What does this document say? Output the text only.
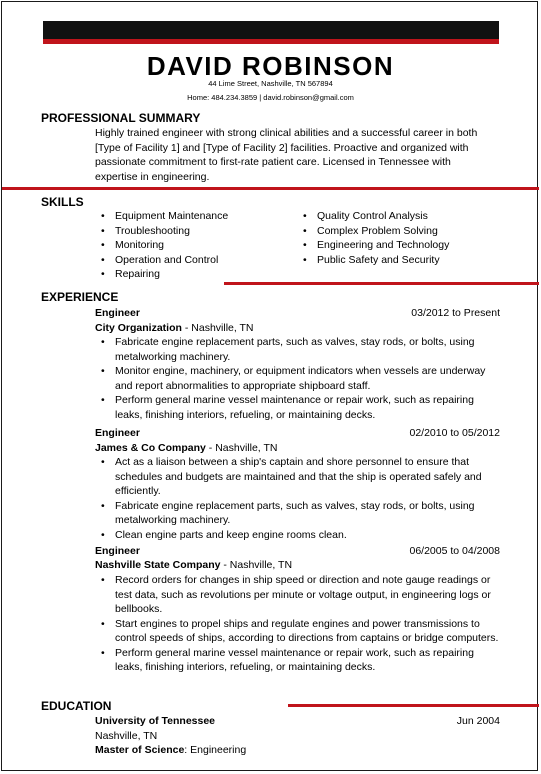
DAVID ROBINSON
44 Lime Street, Nashville, TN 567894
Home: 484.234.3859 | david.robinson@gmail.com
PROFESSIONAL SUMMARY
Highly trained engineer with strong clinical abilities and a successful career in both [Type of Facility 1] and [Type of Facility 2] facilities. Proactive and organized with passionate commitment to first-rate patient care. Licensed in Tennessee with expertise in engineering.
SKILLS
• Equipment Maintenance
• Troubleshooting
• Monitoring
• Operation and Control
• Repairing
• Quality Control Analysis
• Complex Problem Solving
• Engineering and Technology
• Public Safety and Security
EXPERIENCE
Engineer	03/2012 to Present
City Organization - Nashville, TN
• Fabricate engine replacement parts, such as valves, stay rods, or bolts, using metalworking machinery.
• Monitor engine, machinery, or equipment indicators when vessels are underway and report abnormalities to appropriate shipboard staff.
• Perform general marine vessel maintenance or repair work, such as repairing leaks, finishing interiors, refueling, or maintaining decks.
Engineer	02/2010 to 05/2012
James & Co Company - Nashville, TN
• Act as a liaison between a ship's captain and shore personnel to ensure that schedules and budgets are maintained and that the ship is operated safely and efficiently.
• Fabricate engine replacement parts, such as valves, stay rods, or bolts, using metalworking machinery.
• Clean engine parts and keep engine rooms clean.
Engineer	06/2005 to 04/2008
Nashville State Company - Nashville, TN
• Record orders for changes in ship speed or direction and note gauge readings or test data, such as revolutions per minute or voltage output, in engineering logs or bellbooks.
• Start engines to propel ships and regulate engines and power transmissions to control speeds of ships, according to directions from captains or bridge computers.
• Perform general marine vessel maintenance or repair work, such as repairing leaks, finishing interiors, refueling, or maintaining decks.
EDUCATION
University of Tennessee	Jun 2004
Nashville, TN
Master of Science: Engineering
